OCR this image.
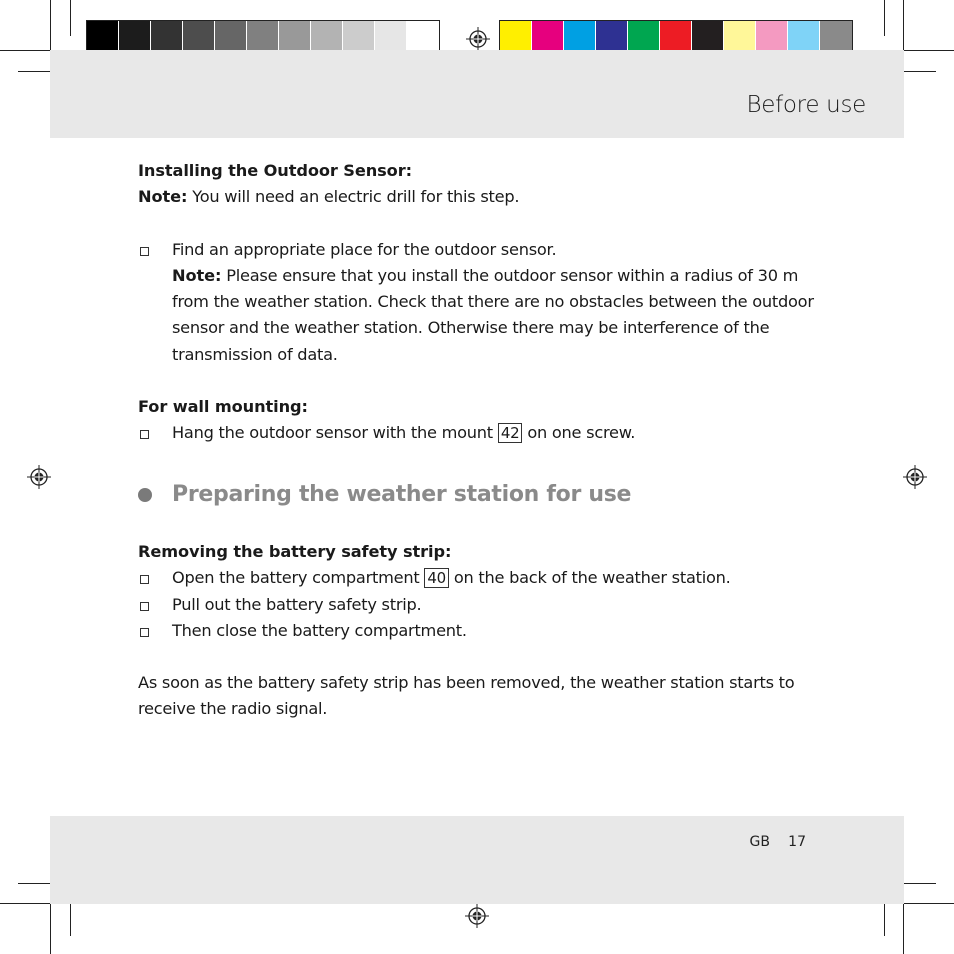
Before use

Installing the Outdoor Sensor:

Note: You will need an electric drill for this step.

Find an appropriate place for the outdoor sensor.

Note: Please ensure that you install the outdoor sensor within a radius of 30 m from the weather station. Check that there are no obstacles between the outdoor sensor and the weather station. Otherwise there may be interference of the transmission of data.

For wall mounting:

Hang the outdoor sensor with the mount 42 on one screw.

Preparing the weather station for use

Removing the battery safety strip:

Open the battery compartment 40 on the back of the weather station.

Pull out the battery safety strip.

Then close the battery compartment.

As soon as the battery safety strip has been removed, the weather station starts to receive the radio signal.

GB 17
